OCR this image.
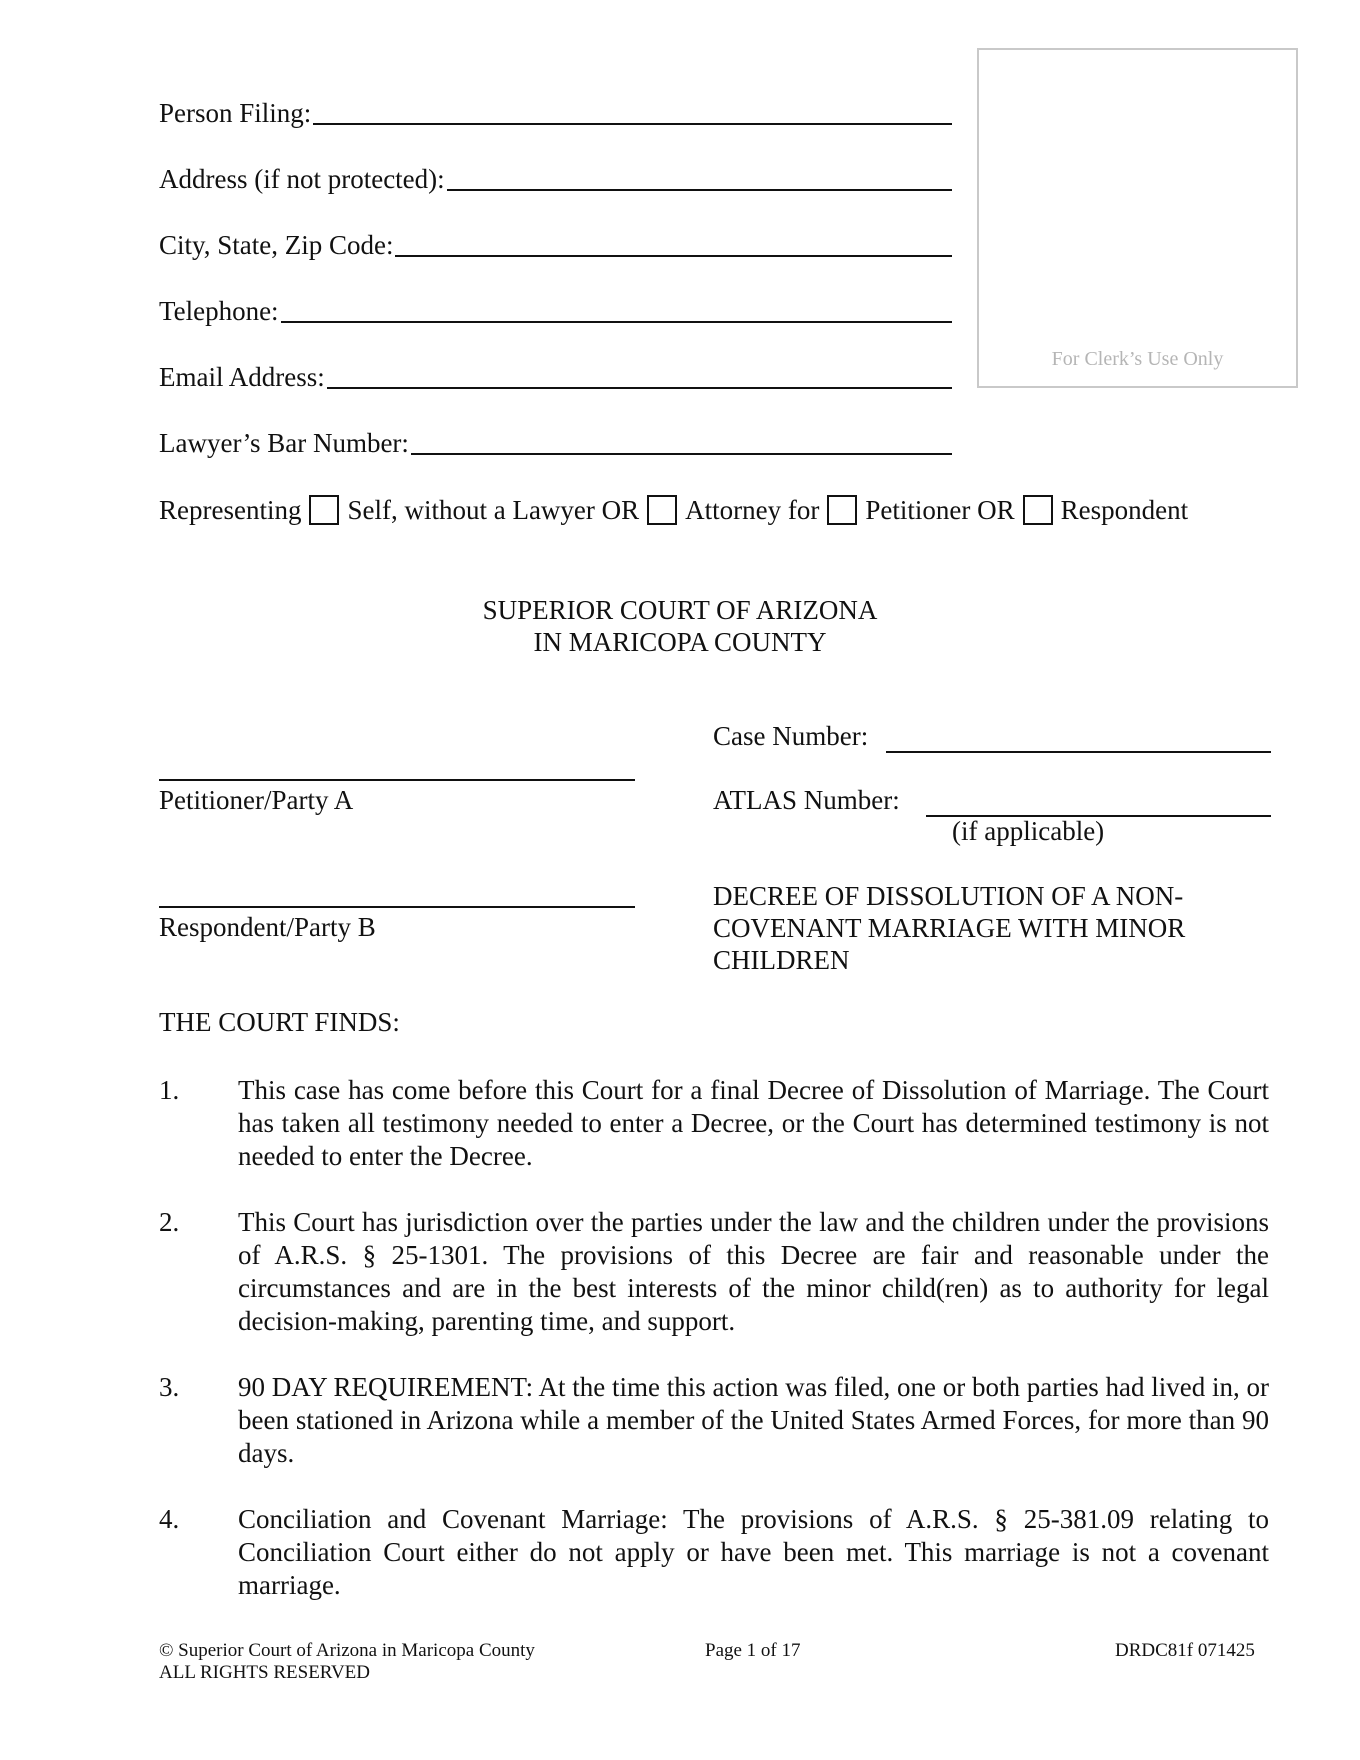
Person Filing:
Address (if not protected):
City, State, Zip Code:
Telephone:
Email Address:
Lawyer’s Bar Number:
For Clerk’s Use Only
Representing Self, without a Lawyer OR Attorney for Petitioner OR Respondent
SUPERIOR COURT OF ARIZONA
IN MARICOPA COUNTY
Case Number:
Petitioner/Party A	ATLAS Number:
(if applicable)
Respondent/Party B
DECREE OF DISSOLUTION OF A NON-COVENANT MARRIAGE WITH MINOR CHILDREN
THE COURT FINDS:
1. This case has come before this Court for a final Decree of Dissolution of Marriage. The Court has taken all testimony needed to enter a Decree, or the Court has determined testimony is not needed to enter the Decree.
2. This Court has jurisdiction over the parties under the law and the children under the provisions of A.R.S. § 25-1301. The provisions of this Decree are fair and reasonable under the circumstances and are in the best interests of the minor child(ren) as to authority for legal decision-making, parenting time, and support.
3. 90 DAY REQUIREMENT: At the time this action was filed, one or both parties had lived in, or been stationed in Arizona while a member of the United States Armed Forces, for more than 90 days.
4. Conciliation and Covenant Marriage: The provisions of A.R.S. § 25-381.09 relating to Conciliation Court either do not apply or have been met. This marriage is not a covenant marriage.
© Superior Court of Arizona in Maricopa County
ALL RIGHTS RESERVED
Page 1 of 17	DRDC81f 071425
